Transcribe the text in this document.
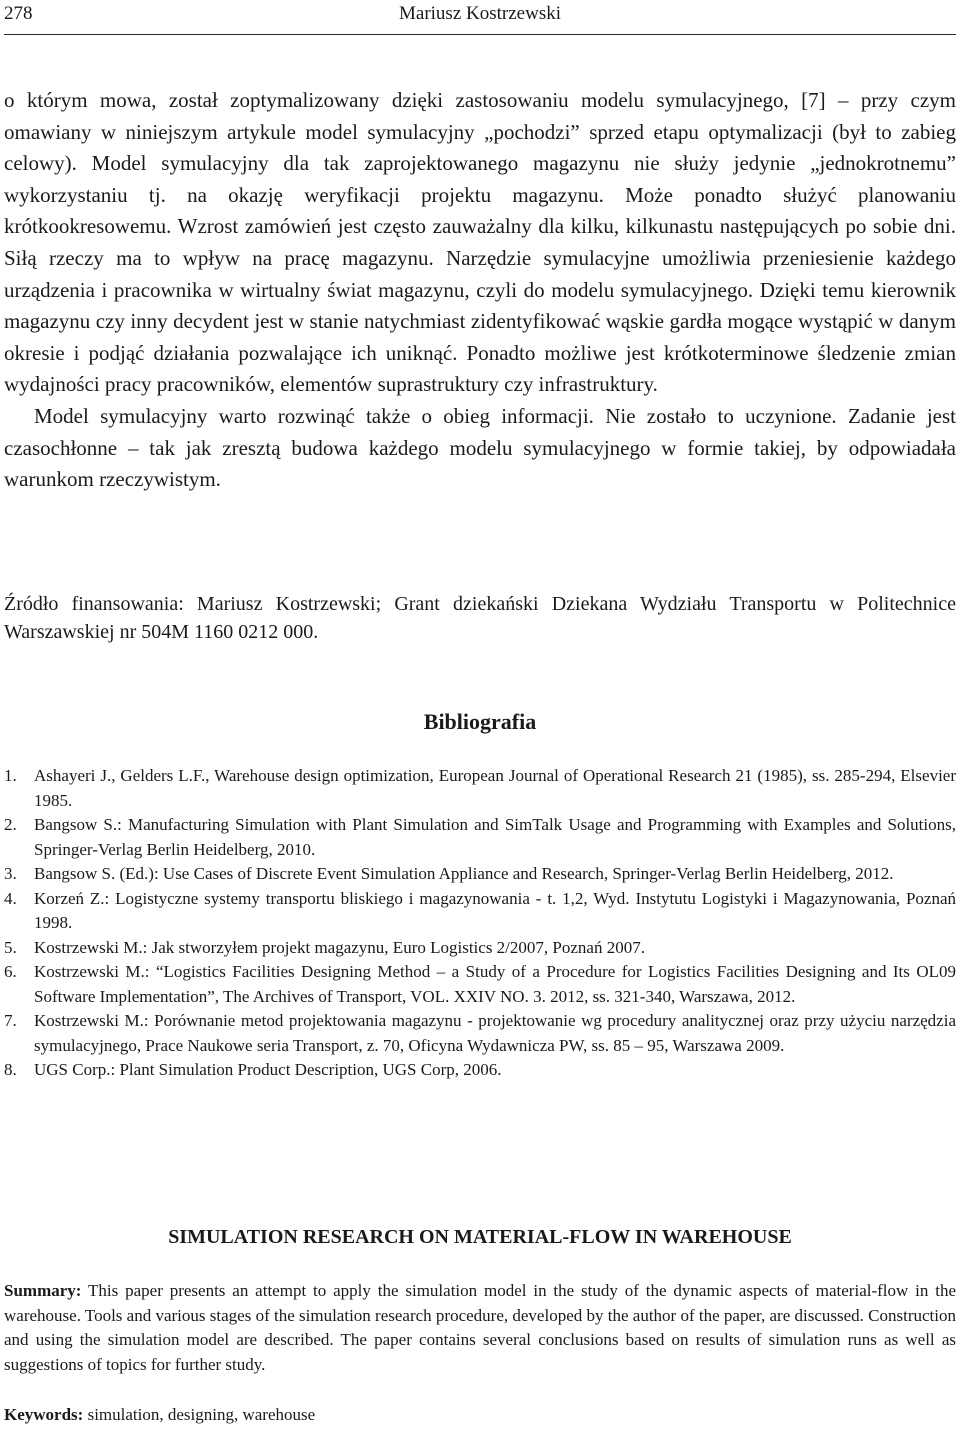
278	Mariusz Kostrzewski

o którym mowa, został zoptymalizowany dzięki zastosowaniu modelu symulacyjnego, [7] – przy czym omawiany w niniejszym artykule model symulacyjny „pochodzi” sprzed etapu optymalizacji (był to zabieg celowy). Model symulacyjny dla tak zaprojektowanego magazynu nie służy jedynie „jednokrotnemu” wykorzystaniu tj. na okazję weryfikacji projektu magazynu. Może ponadto służyć planowaniu krótkookresowemu. Wzrost zamówień jest często zauważalny dla kilku, kilkunastu następujących po sobie dni. Siłą rzeczy ma to wpływ na pracę magazynu. Narzędzie symulacyjne umożliwia przeniesienie każdego urządzenia i pracownika w wirtualny świat magazynu, czyli do modelu symulacyjnego. Dzięki temu kierownik magazynu czy inny decydent jest w stanie natychmiast zidentyfikować wąskie gardła mogące wystąpić w danym okresie i podjąć działania pozwalające ich uniknąć. Ponadto możliwe jest krótkoterminowe śledzenie zmian wydajności pracy pracowników, elementów suprastruktury czy infrastruktury.

Model symulacyjny warto rozwinąć także o obieg informacji. Nie zostało to uczynione. Zadanie jest czasochłonne – tak jak zresztą budowa każdego modelu symulacyjnego w formie takiej, by odpowiadała warunkom rzeczywistym.

Źródło finansowania: Mariusz Kostrzewski; Grant dziekański Dziekana Wydziału Transportu w Politechnice Warszawskiej nr 504M 1160 0212 000.

Bibliografia
1. Ashayeri J., Gelders L.F., Warehouse design optimization, European Journal of Operational Research 21 (1985), ss. 285-294, Elsevier 1985.
2. Bangsow S.: Manufacturing Simulation with Plant Simulation and SimTalk Usage and Programming with Examples and Solutions, Springer-Verlag Berlin Heidelberg, 2010.
3. Bangsow S. (Ed.): Use Cases of Discrete Event Simulation Appliance and Research, Springer-Verlag Berlin Heidelberg, 2012.
4. Korzeń Z.: Logistyczne systemy transportu bliskiego i magazynowania - t. 1,2, Wyd. Instytutu Logistyki i Magazynowania, Poznań 1998.
5. Kostrzewski M.: Jak stworzyłem projekt magazynu, Euro Logistics 2/2007, Poznań 2007.
6. Kostrzewski M.: “Logistics Facilities Designing Method – a Study of a Procedure for Logistics Facilities Designing and Its OL09 Software Implementation”, The Archives of Transport, VOL. XXIV NO. 3. 2012, ss. 321-340, Warszawa, 2012.
7. Kostrzewski M.: Porównanie metod projektowania magazynu - projektowanie wg procedury analitycznej oraz przy użyciu narzędzia symulacyjnego, Prace Naukowe seria Transport, z. 70, Oficyna Wydawnicza PW, ss. 85 – 95, Warszawa 2009.
8. UGS Corp.: Plant Simulation Product Description, UGS Corp, 2006.
SIMULATION RESEARCH ON MATERIAL-FLOW IN WAREHOUSE

Summary: This paper presents an attempt to apply the simulation model in the study of the dynamic aspects of material-flow in the warehouse. Tools and various stages of the simulation research procedure, developed by the author of the paper, are discussed. Construction and using the simulation model are described. The paper contains several conclusions based on results of simulation runs as well as suggestions of topics for further study.

Keywords: simulation, designing, warehouse
